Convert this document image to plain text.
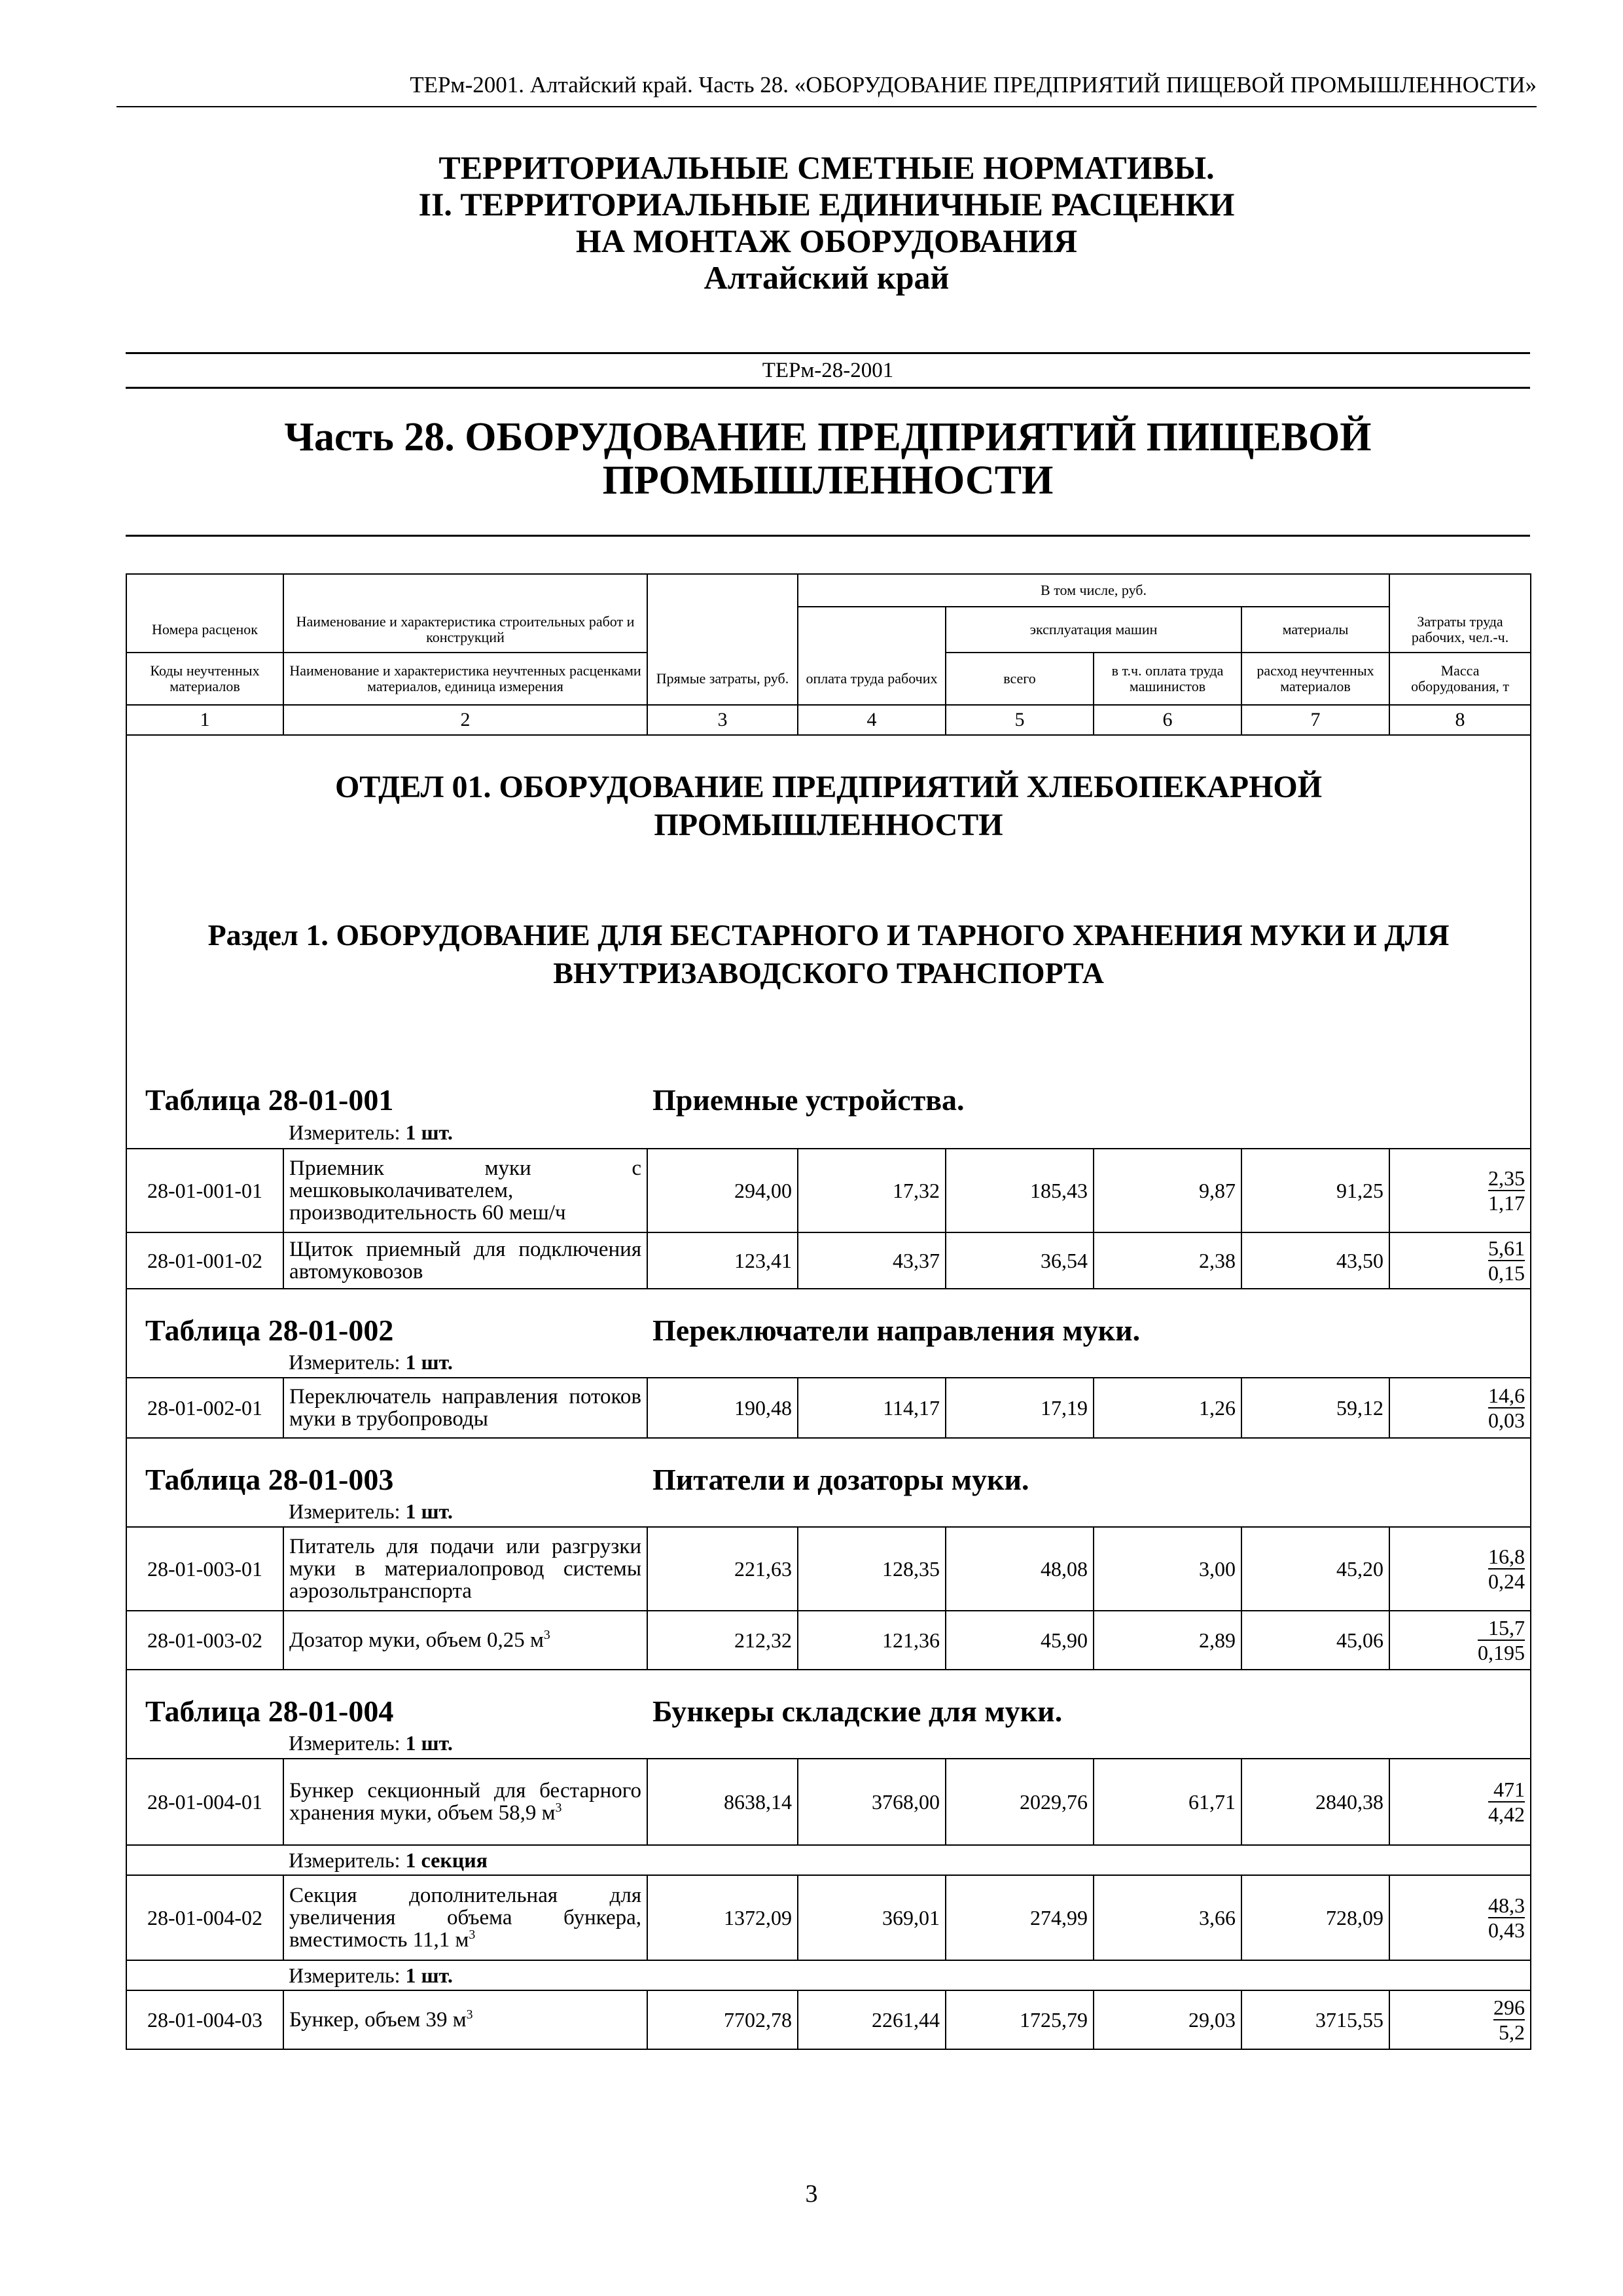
ТЕРм-2001. Алтайский край. Часть 28. «ОБОРУДОВАНИЕ ПРЕДПРИЯТИЙ ПИЩЕВОЙ ПРОМЫШЛЕННОСТИ»
ТЕРРИТОРИАЛЬНЫЕ СМЕТНЫЕ НОРМАТИВЫ.
II. ТЕРРИТОРИАЛЬНЫЕ ЕДИНИЧНЫЕ РАСЦЕНКИ
НА МОНТАЖ ОБОРУДОВАНИЯ
Алтайский край
ТЕРм-28-2001
Часть 28. ОБОРУДОВАНИЕ ПРЕДПРИЯТИЙ ПИЩЕВОЙ
ПРОМЫШЛЕННОСТИ
			В том числе, руб.				
Номера расценок	Наименование и характеристика строительных работ и конструкций			эксплуатация машин		материалы	Затраты труда рабочих, чел.-ч.
Коды неучтенных материалов	Наименование и характеристика неучтенных расценками материалов, единица измерения	Прямые затраты, руб.	оплата труда рабочих	всего	в т.ч. оплата труда машинистов	расход неучтенных материалов	Масса оборудования, т
1	2	3	4	5	6	7	8

ОТДЕЛ 01. ОБОРУДОВАНИЕ ПРЕДПРИЯТИЙ ХЛЕБОПЕКАРНОЙ
ПРОМЫШЛЕННОСТИ
Раздел 1. ОБОРУДОВАНИЕ ДЛЯ БЕСТАРНОГО И ТАРНОГО ХРАНЕНИЯ МУКИ И ДЛЯ
ВНУТРИЗАВОДСКОГО ТРАНСПОРТА							

Таблица 28-01-001		Приемные устройства.					
	Измеритель: 1 шт.						
28-01-001-01	Приемник муки с мешковыколачивателем, производительность 60 меш/ч	294,00	17,32	185,43	9,87	91,25	$\frac{2,35}{1,17}$

28-01-001-02	Щиток приемный для подключения автомуковозов	123,41	43,37	36,54	2,38	43,50	$\frac{5,61}{0,15}$

Таблица 28-01-002		Переключатели направления муки.					
	Измеритель: 1 шт.						
28-01-002-01	Переключатель направления потоков муки в трубопроводы	190,48	114,17	17,19	1,26	59,12	$\frac{14,6}{0,03}$

Таблица 28-01-003		Питатели и дозаторы муки.					
	Измеритель: 1 шт.						
28-01-003-01	Питатель для подачи или разгрузки муки в материалопровод системы аэрозольтранспорта	221,63	128,35	48,08	3,00	45,20	$\frac{16,8}{0,24}$

28-01-003-02	Дозатор муки, объем 0,25 $м^3$	212,32	121,36	45,90	2,89	45,06	$\frac{15,7}{0,195}$

Таблица 28-01-004		Бункеры складские для муки.					
	Измеритель: 1 шт.						
28-01-004-01	Бункер секционный для бестарного хранения муки, объем 58,9 $м^3$	8638,14	3768,00	2029,76	61,71	2840,38	$\frac{471}{4,42}$

	Измеритель: 1 секция						
28-01-004-02	Секция дополнительная для увеличения объема бункера, вместимость 11,1 $м^3$	1372,09	369,01	274,99	3,66	728,09	$\frac{48,3}{0,43}$

	Измеритель: 1 шт.						
28-01-004-03	Бункер, объем 39 $м^3$	7702,78	2261,44	1725,79	29,03	3715,55	$\frac{296}{5,2}$
3
